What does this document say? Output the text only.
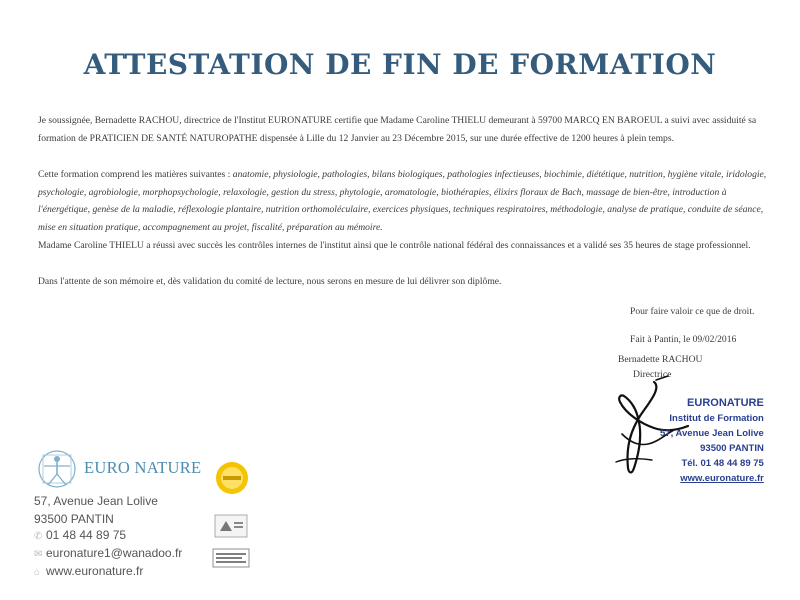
ATTESTATION DE FIN DE FORMATION
Je soussignée, Bernadette RACHOU, directrice de l'Institut EURONATURE certifie que Madame Caroline THIELU demeurant à 59700 MARCQ EN BAROEUL a suivi avec assiduité sa formation de PRATICIEN DE SANTÉ NATUROPATHE dispensée à Lille du 12 Janvier au 23 Décembre 2015, sur une durée effective de 1200 heures à plein temps.
Cette formation comprend les matières suivantes : anatomie, physiologie, pathologies, bilans biologiques, pathologies infectieuses, biochimie, diététique, nutrition, hygiène vitale, iridologie, psychologie, agrobiologie, morphopsychologie, relaxologie, gestion du stress, phytologie, aromatologie, biothérapies, élixirs floraux de Bach, massage de bien-être, introduction à l'énergétique, genèse de la maladie, réflexologie plantaire, nutrition orthomoléculaire, exercices physiques, techniques respiratoires, méthodologie, analyse de pratique, conduite de séance, mise en situation pratique, accompagnement au projet, fiscalité, préparation au mémoire.
Madame Caroline THIELU a réussi avec succès les contrôles internes de l'institut ainsi que le contrôle national fédéral des connaissances et a validé ses 35 heures de stage professionnel.
Dans l'attente de son mémoire et, dès validation du comité de lecture, nous serons en mesure de lui délivrer son diplôme.
Pour faire valoir ce que de droit.
Fait à Pantin, le 09/02/2016
Bernadette RACHOU
Directrice
EURONATURE
Institut de Formation
57, Avenue Jean Lolive
93500 PANTIN
Tél. 01 48 44 89 75
www.euronature.fr
EURO NATURE
57, Avenue Jean Lolive
93500 PANTIN
✆ 01 48 44 89 75
✉ euronature1@wanadoo.fr
⌂ www.euronature.fr
